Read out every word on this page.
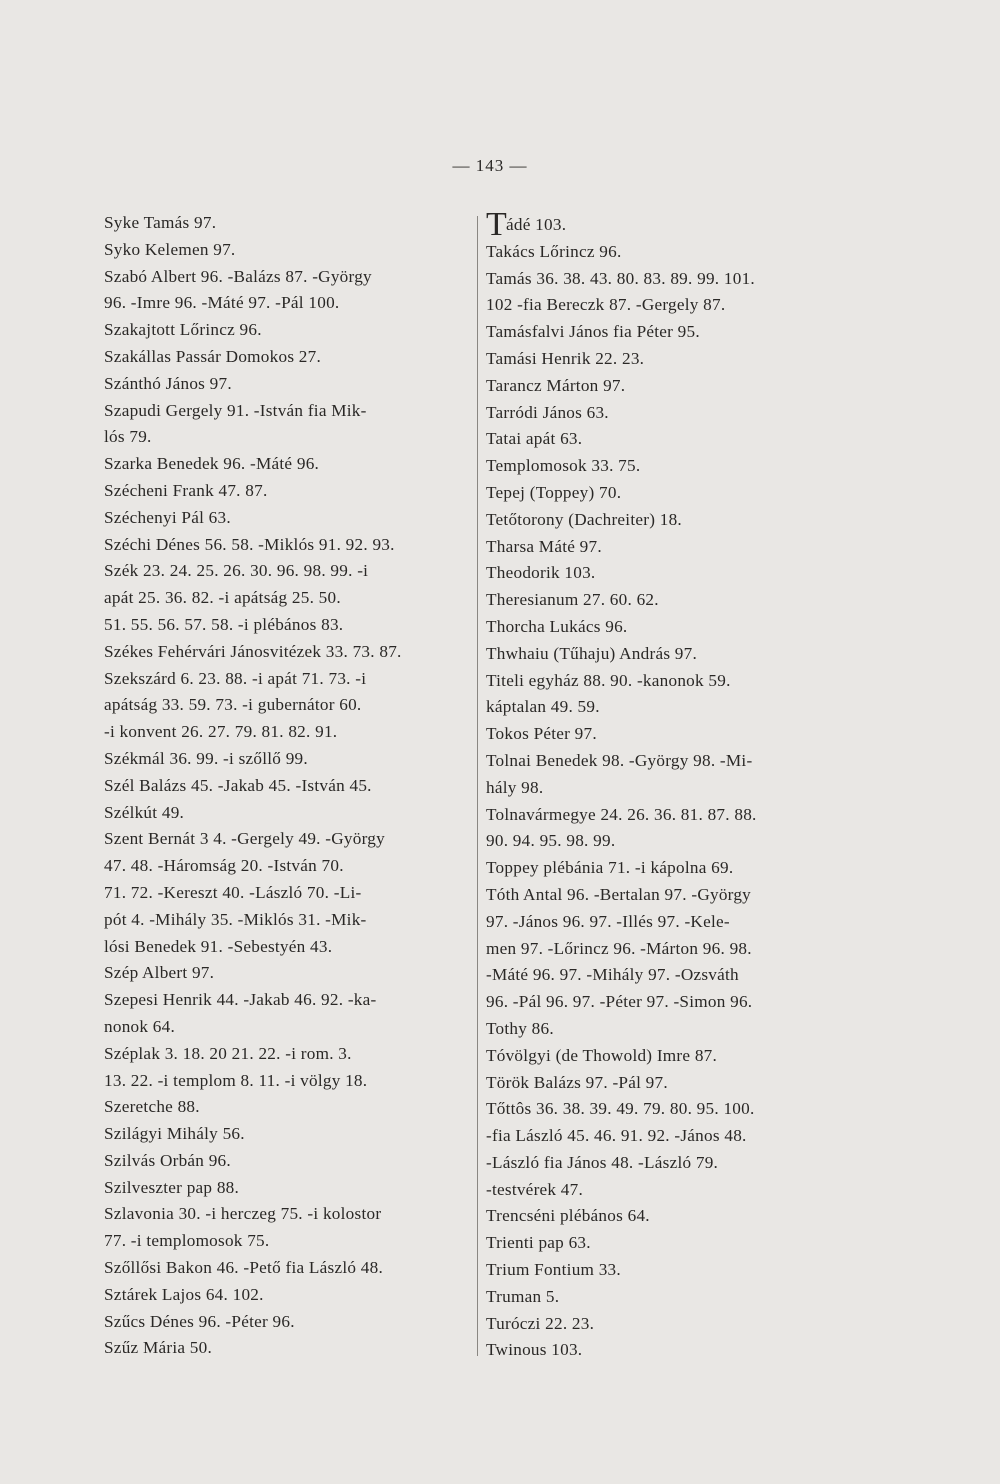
— 143 —
Syke Tamás 97.
Syko Kelemen 97.
Szabó Albert 96. -Balázs 87. -György
96. -Imre 96. -Máté 97. -Pál 100.
Szakajtott Lőrincz 96.
Szakállas Passár Domokos 27.
Szánthó János 97.
Szapudi Gergely 91. -István fia Mik-
lós 79.
Szarka Benedek 96. -Máté 96.
Szécheni Frank 47. 87.
Széchenyi Pál 63.
Széchi Dénes 56. 58. -Miklós 91. 92. 93.
Szék 23. 24. 25. 26. 30. 96. 98. 99. -i
apát 25. 36. 82. -i apátság 25. 50.
51. 55. 56. 57. 58. -i plébános 83.
Székes Fehérvári Jánosvitézek 33. 73. 87.
Szekszárd 6. 23. 88. -i apát 71. 73. -i
apátság 33. 59. 73. -i gubernátor 60.
-i konvent 26. 27. 79. 81. 82. 91.
Székmál 36. 99. -i szőllő 99.
Szél Balázs 45. -Jakab 45. -István 45.
Szélkút 49.
Szent Bernát 3 4. -Gergely 49. -György
47. 48. -Háromság 20. -István 70.
71. 72. -Kereszt 40. -László 70. -Li-
pót 4. -Mihály 35. -Miklós 31. -Mik-
lósi Benedek 91. -Sebestyén 43.
Szép Albert 97.
Szepesi Henrik 44. -Jakab 46. 92. -ka-
nonok 64.
Széplak 3. 18. 20 21. 22. -i rom. 3.
13. 22. -i templom 8. 11. -i völgy 18.
Szeretche 88.
Szilágyi Mihály 56.
Szilvás Orbán 96.
Szilveszter pap 88.
Szlavonia 30. -i herczeg 75. -i kolostor
77. -i templomosok 75.
Szőllősi Bakon 46. -Pető fia László 48.
Sztárek Lajos 64. 102.
Szűcs Dénes 96. -Péter 96.
Szűz Mária 50.
Tádé 103.
Takács Lőrincz 96.
Tamás 36. 38. 43. 80. 83. 89. 99. 101.
102 -fia Bereczk 87. -Gergely 87.
Tamásfalvi János fia Péter 95.
Tamási Henrik 22. 23.
Tarancz Márton 97.
Tarródi János 63.
Tatai apát 63.
Templomosok 33. 75.
Tepej (Toppey) 70.
Tetőtorony (Dachreiter) 18.
Tharsa Máté 97.
Theodorik 103.
Theresianum 27. 60. 62.
Thorcha Lukács 96.
Thwhaiu (Tűhaju) András 97.
Titeli egyház 88. 90. -kanonok 59.
káptalan 49. 59.
Tokos Péter 97.
Tolnai Benedek 98. -György 98. -Mi-
hály 98.
Tolnavármegye 24. 26. 36. 81. 87. 88.
90. 94. 95. 98. 99.
Toppey plébánia 71. -i kápolna 69.
Tóth Antal 96. -Bertalan 97. -György
97. -János 96. 97. -Illés 97. -Kele-
men 97. -Lőrincz 96. -Márton 96. 98.
-Máté 96. 97. -Mihály 97. -Ozsváth
96. -Pál 96. 97. -Péter 97. -Simon 96.
Tothy 86.
Tóvölgyi (de Thowold) Imre 87.
Török Balázs 97. -Pál 97.
Tőttôs 36. 38. 39. 49. 79. 80. 95. 100.
-fia László 45. 46. 91. 92. -János 48.
-László fia János 48. -László 79.
-testvérek 47.
Trencséni plébános 64.
Trienti pap 63.
Trium Fontium 33.
Truman 5.
Turóczi 22. 23.
Twinous 103.
